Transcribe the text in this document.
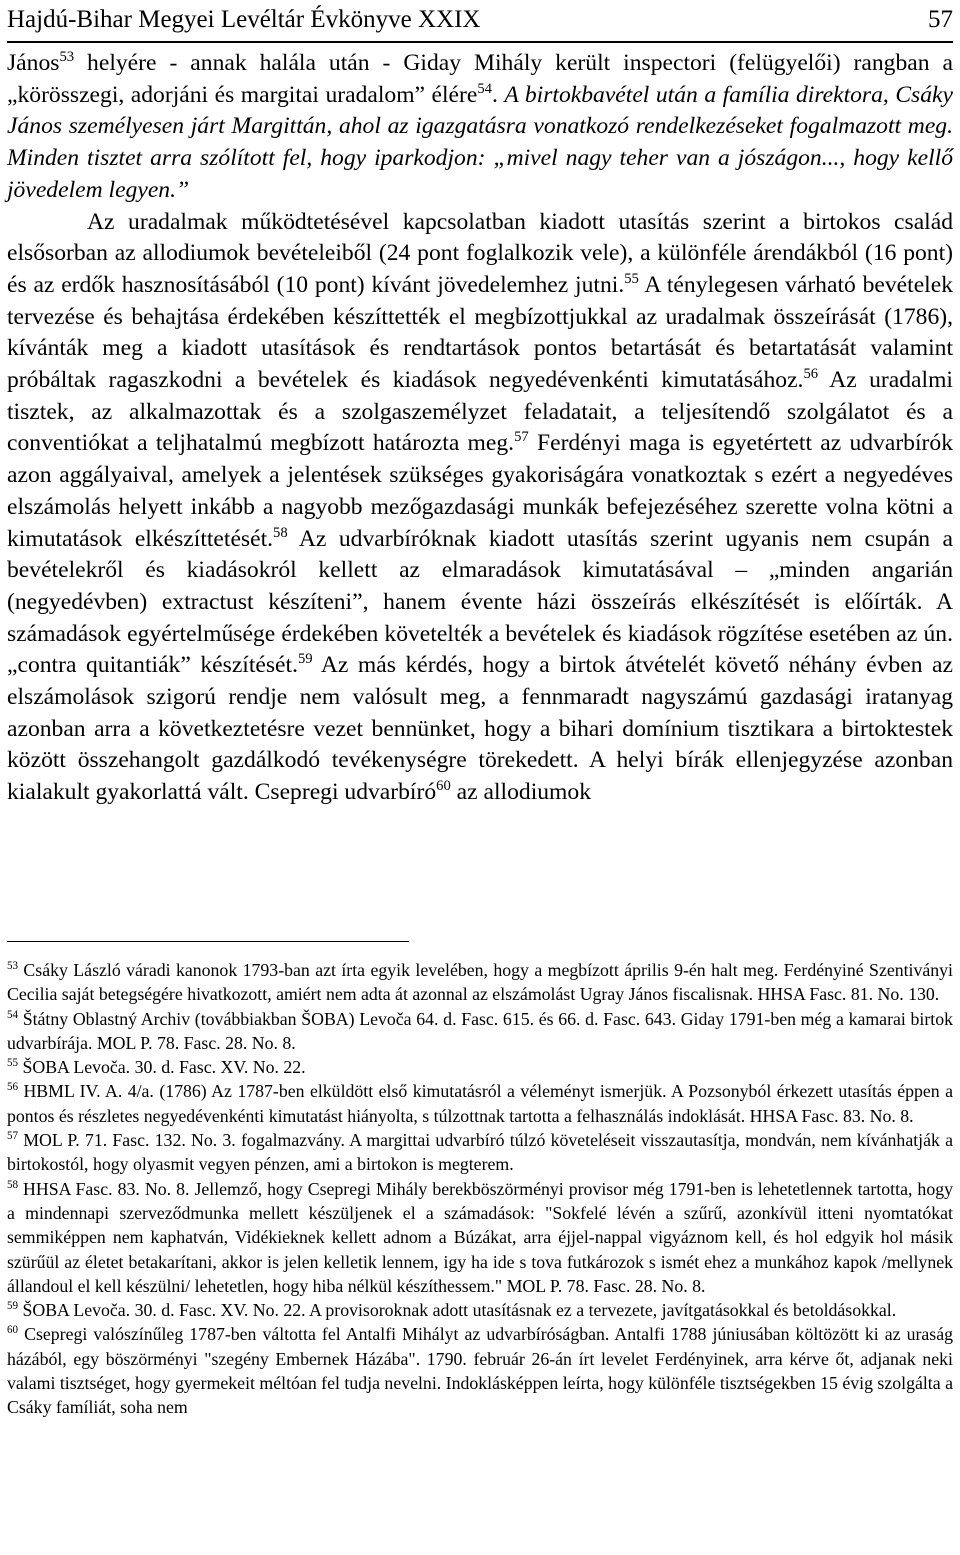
Hajdú-Bihar Megyei Levéltár Évkönyve XXIX	57

János$^{53}$ helyére - annak halála után - Giday Mihály került inspectori (felügyelői) rangban a „körösszegi, adorjáni és margitai uradalom” élére$^{54}$. A birtokbavétel után a família direktora, Csáky János személyesen járt Margittán, ahol az igazgatásra vonatkozó rendelkezéseket fogalmazott meg. Minden tisztet arra szólított fel, hogy iparkodjon: „mivel nagy teher van a jószágon..., hogy kellő jövedelem legyen.”

Az uradalmak működtetésével kapcsolatban kiadott utasítás szerint a birtokos család elsősorban az allodiumok bevételeiből (24 pont foglalkozik vele), a különféle árendákból (16 pont) és az erdők hasznosításából (10 pont) kívánt jövedelemhez jutni.$^{55}$ A ténylegesen várható bevételek tervezése és behajtása érdekében készíttették el megbízottjukkal az uradalmak összeírását (1786), kívánták meg a kiadott utasítások és rendtartások pontos betartását és betartatását valamint próbáltak ragaszkodni a bevételek és kiadások negyedévenkénti kimutatásához.$^{56}$ Az uradalmi tisztek, az alkalmazottak és a szolgaszemélyzet feladatait, a teljesítendő szolgálatot és a conventiókat a teljhatalmú megbízott határozta meg.$^{57}$ Ferdényi maga is egyetértett az udvarbírók azon aggályaival, amelyek a jelentések szükséges gyakoriságára vonatkoztak s ezért a negyedéves elszámolás helyett inkább a nagyobb mezőgazdasági munkák befejezéséhez szerette volna kötni a kimutatások elkészíttetését.$^{58}$ Az udvarbíróknak kiadott utasítás szerint ugyanis nem csupán a bevételekről és kiadásokról kellett az elmaradások kimutatásával – „minden angarián (negyedévben) extractust készíteni”, hanem évente házi összeírás elkészítését is előírták. A számadások egyértelműsége érdekében követelték a bevételek és kiadások rögzítése esetében az ún. „contra quitantiák” készítését.$^{59}$ Az más kérdés, hogy a birtok átvételét követő néhány évben az elszámolások szigorú rendje nem valósult meg, a fennmaradt nagyszámú gazdasági iratanyag azonban arra a következtetésre vezet bennünket, hogy a bihari domínium tisztikara a birtoktestek között összehangolt gazdálkodó tevékenységre törekedett. A helyi bírák ellenjegyzése azonban kialakult gyakorlattá vált. Csepregi udvarbíró$^{60}$ az allodiumok

$^{53}$ Csáky László váradi kanonok 1793-ban azt írta egyik levelében, hogy a megbízott április 9-én halt meg. Ferdényiné Szentiványi Cecilia saját betegségére hivatkozott, amiért nem adta át azonnal az elszámolást Ugray János fiscalisnak. HHSA Fasc. 81. No. 130.

$^{54}$ Štátny Oblastný Archiv (továbbiakban ŠOBA) Levoča 64. d. Fasc. 615. és 66. d. Fasc. 643. Giday 1791-ben még a kamarai birtok udvarbírája. MOL P. 78. Fasc. 28. No. 8.

$^{55}$ ŠOBA Levoča. 30. d. Fasc. XV. No. 22.

$^{56}$ HBML IV. A. 4/a. (1786) Az 1787-ben elküldött első kimutatásról a véleményt ismerjük. A Pozsonyból érkezett utasítás éppen a pontos és részletes negyedévenkénti kimutatást hiányolta, s túlzottnak tartotta a felhasználás indoklását. HHSA Fasc. 83. No. 8.

$^{57}$ MOL P. 71. Fasc. 132. No. 3. fogalmazvány. A margittai udvarbíró túlzó követeléseit visszautasítja, mondván, nem kívánhatják a birtokostól, hogy olyasmit vegyen pénzen, ami a birtokon is megterem.

$^{58}$ HHSA Fasc. 83. No. 8. Jellemző, hogy Csepregi Mihály berekböszörményi provisor még 1791-ben is lehetetlennek tartotta, hogy a mindennapi szerveződmunka mellett készüljenek el a számadások: "Sokfelé lévén a szűrű, azonkívül itteni nyomtatókat semmiképpen nem kaphatván, Vidékieknek kellett adnom a Búzákat, arra éjjel-nappal vigyáznom kell, és hol edgyik hol másik szürűül az életet betakarítani, akkor is jelen kelletik lennem, igy ha ide s tova futkározok s ismét ehez a munkához kapok /mellynek állandoul el kell készülni/ lehetetlen, hogy hiba nélkül készíthessem." MOL P. 78. Fasc. 28. No. 8.

$^{59}$ ŠOBA Levoča. 30. d. Fasc. XV. No. 22. A provisoroknak adott utasításnak ez a tervezete, javítgatásokkal és betoldásokkal.

$^{60}$ Csepregi valószínűleg 1787-ben váltotta fel Antalfi Mihályt az udvarbíróságban. Antalfi 1788 júniusában költözött ki az uraság házából, egy böszörményi "szegény Embernek Házába". 1790. február 26-án írt levelet Ferdényinek, arra kérve őt, adjanak neki valami tisztséget, hogy gyermekeit méltóan fel tudja nevelni. Indoklásképpen leírta, hogy különféle tisztségekben 15 évig szolgálta a Csáky famíliát, soha nem
